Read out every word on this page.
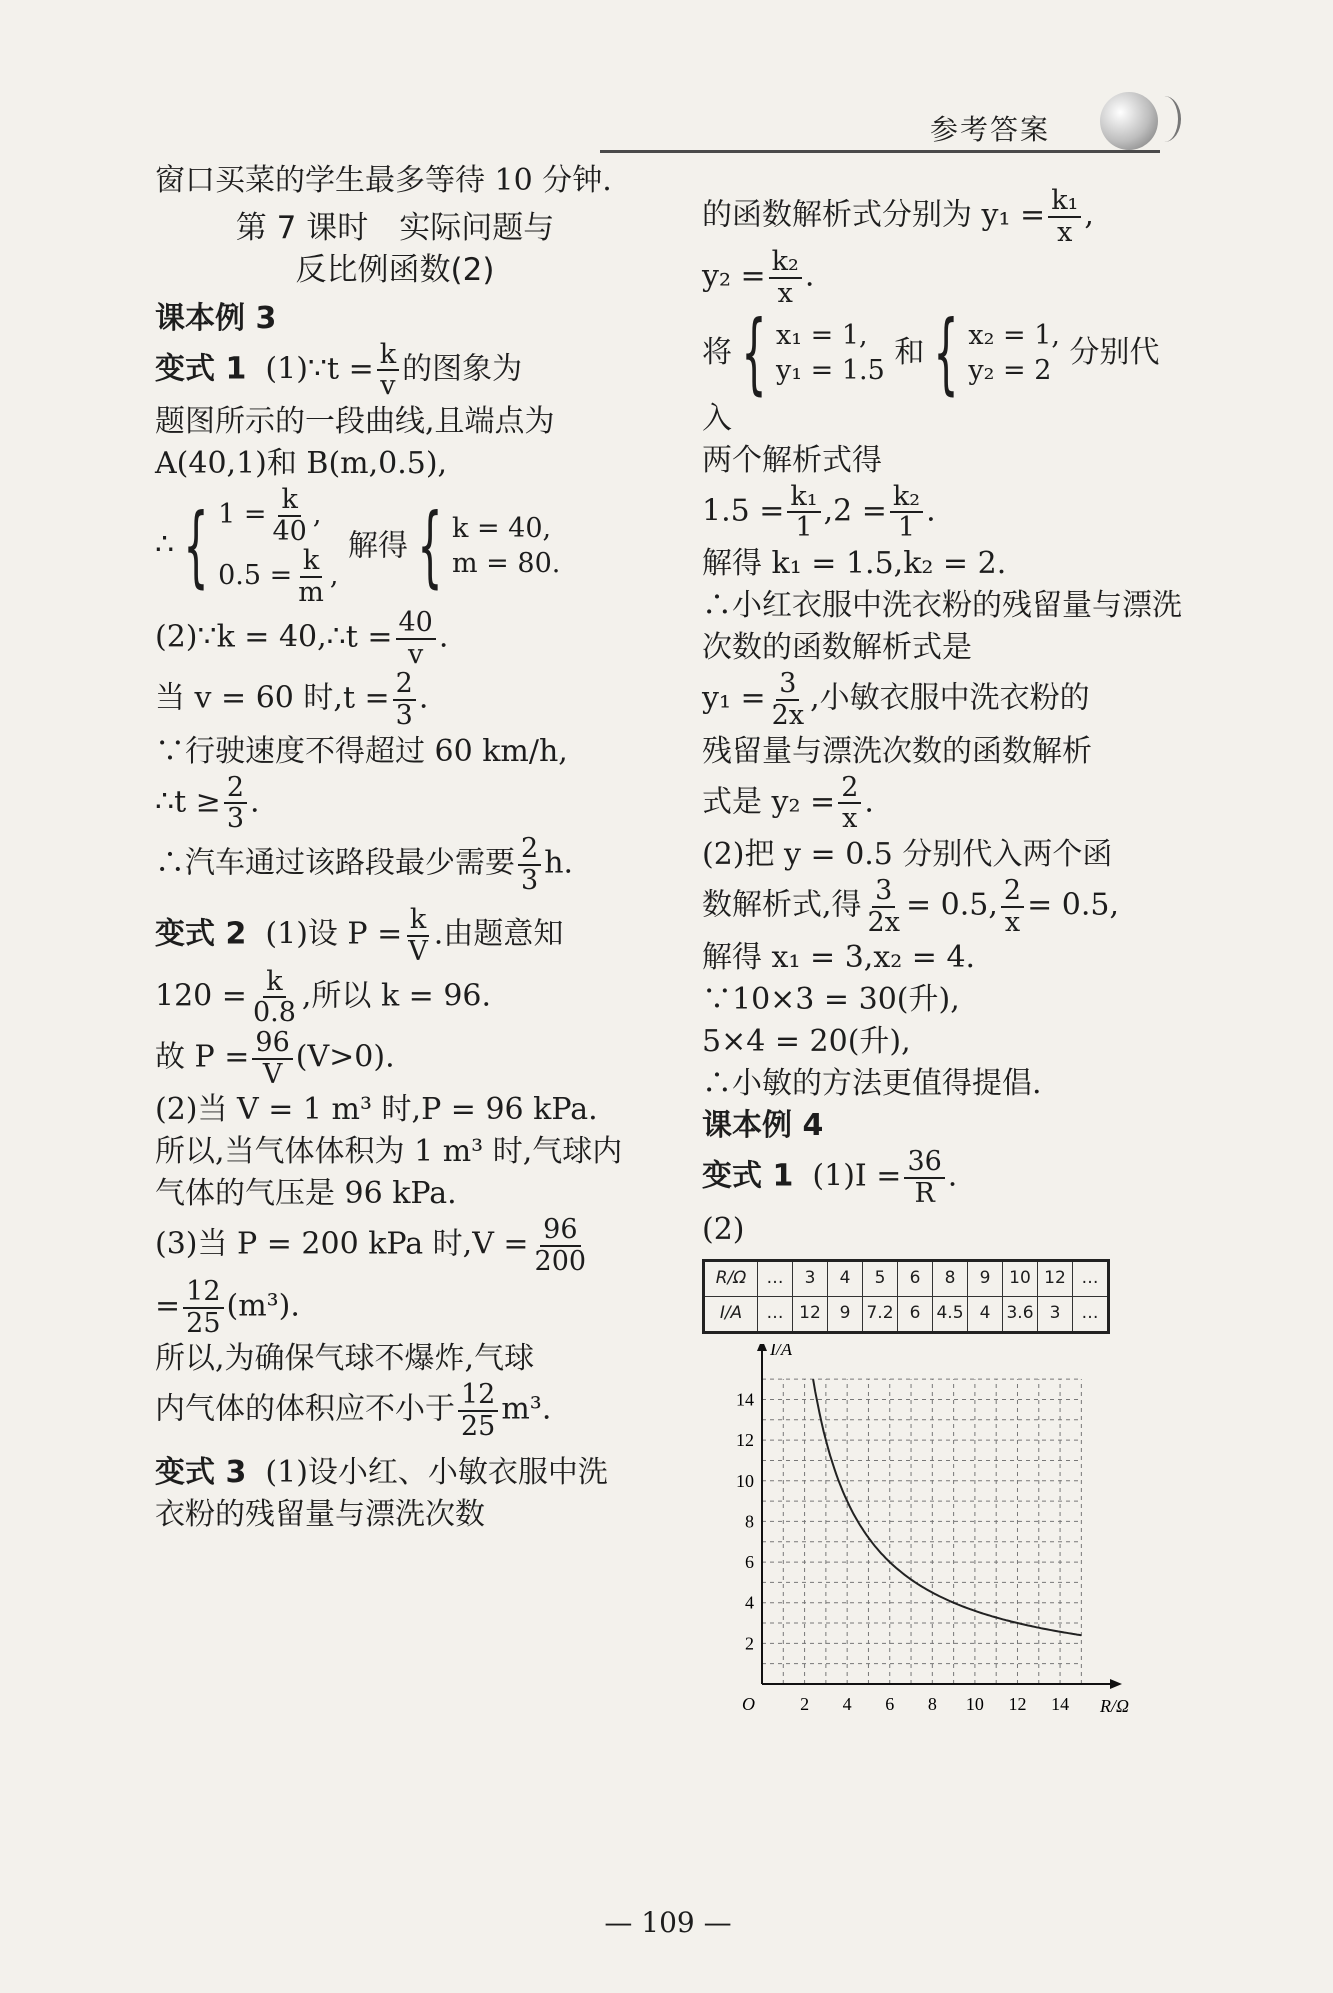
参考答案

窗口买菜的学生最多等待 10 分钟.

第 7 课时　实际问题与
反比例函数(2)

课本例 3

变式 1 (1)∵t = $\frac{k}{v}$ 的图象为

题图所示的一段曲线,且端点为

A(40,1)和 B(m,0.5),

∴ { $1 = \frac{k}{40}$ ,
$0.5 = \frac{k}{m}$ ,
解得 { k = 40,
m = 80.

(2)∵k = 40,∴t = $\frac{40}{v}$ .

当 v = 60 时$,t = \frac{2}{3}$ .

∵行驶速度不得超过 60 km/h,

∴t ≥ $\frac{2}{3}$ .

∴汽车通过该路段最少需要 $\frac{2}{3} h$.

变式 2 (1)设 $P = \frac{k}{V}$ .由题意知

$120 = \frac{k}{0.8}$ ,所以 k = 96.

故 $P = \frac{96}{V} (V>0)$.

(2)当 V = 1 m³ 时,P = 96 kPa.

所以,当气体体积为 1 m³ 时,气球内气体的气压是 96 kPa.

(3)当 P = 200 kPa 时$,V = \frac{96}{200}$

= $\frac{12}{25} (m^3)$.

所以,为确保气球不爆炸,气球

内气体的体积应不小于 $\frac{12}{25} m^3$.

变式 3 (1)设小红、小敏衣服中洗衣粉的残留量与漂洗次数

的函数解析式分别为 $y_1 = \frac{\text{k₁}}{x}$ ,

$y_2 = \frac{\text{k₂}}{x}$ .

将 { x₁ = 1,
y₁ = 1.5
和 { x₂ = 1,
y₂ = 2
分别代入

两个解析式得

$1.5 = \frac{\text{k₁}}{1} ,2 = \frac{\text{k₂}}{1}$ .

解得 k₁ = 1.5,k₂ = 2.

∴小红衣服中洗衣粉的残留量与漂洗次数的函数解析式是

$y_1 = \frac{3}{2x}$ ,小敏衣服中洗衣粉的

残留量与漂洗次数的函数解析

式是 $y_2 = \frac{2}{x}$ .

(2)把 y = 0.5 分别代入两个函

数解析式,得 $\frac{3}{2x} = 0.5$, $\frac{2}{x} = 0.5$,

解得 x₁ = 3,x₂ = 4.

∵10×3 = 30(升),

5×4 = 20(升),

∴小敏的方法更值得提倡.

课本例 4

变式 1 $(1)I = \frac{36}{R}$ .

(2)

R/Ω	…	3	4	5	6	8	9	10	12	…
I/A	…	12	9	7.2	6	4.5	4	3.6	3	…
2 4 6 8 10 12 14
2
4
6
8
10
12
14
O	R/Ω
I/A
— 109 —
